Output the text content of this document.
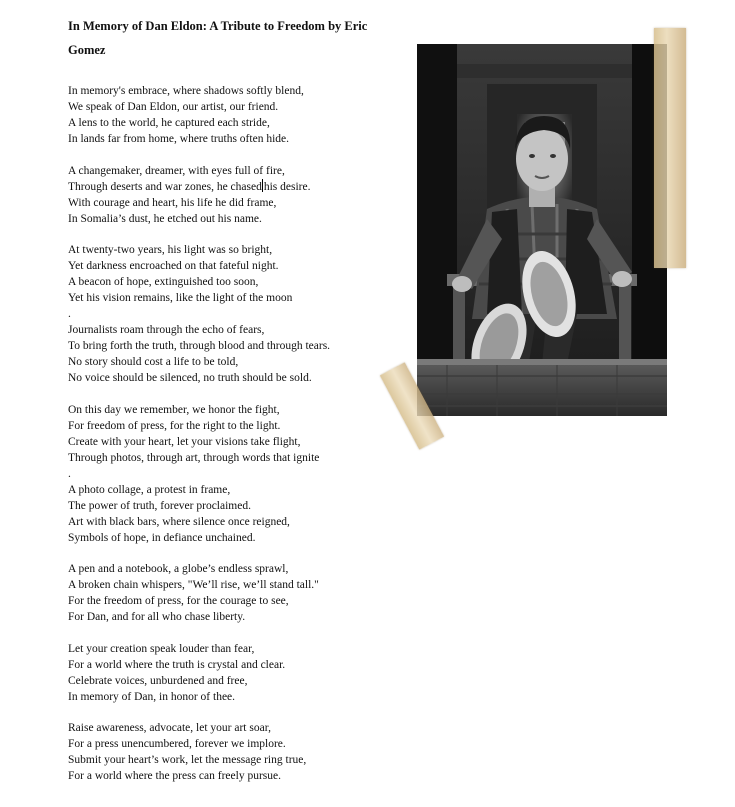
In Memory of Dan Eldon: A Tribute to Freedom by Eric Gomez

In memory's embrace, where shadows softly blend,
We speak of Dan Eldon, our artist, our friend.
A lens to the world, he captured each stride,
In lands far from home, where truths often hide.

A changemaker, dreamer, with eyes full of fire,
Through deserts and war zones, he chased his desire.
With courage and heart, his life he did frame,
In Somalia’s dust, he etched out his name.

At twenty-two years, his light was so bright,
Yet darkness encroached on that fateful night.
A beacon of hope, extinguished too soon,
Yet his vision remains, like the light of the moon

.

Journalists roam through the echo of fears,
To bring forth the truth, through blood and through tears.
No story should cost a life to be told,
No voice should be silenced, no truth should be sold.

On this day we remember, we honor the fight,
For freedom of press, for the right to the light.
Create with your heart, let your visions take flight,
Through photos, through art, through words that ignite

.

A photo collage, a protest in frame,
The power of truth, forever proclaimed.
Art with black bars, where silence once reigned,
Symbols of hope, in defiance unchained.

A pen and a notebook, a globe’s endless sprawl,
A broken chain whispers, "We’ll rise, we’ll stand tall."
For the freedom of press, for the courage to see,
For Dan, and for all who chase liberty.

Let your creation speak louder than fear,
For a world where the truth is crystal and clear.
Celebrate voices, unburdened and free,
In memory of Dan, in honor of thee.

Raise awareness, advocate, let your art soar,
For a press unencumbered, forever we implore.
Submit your heart’s work, let the message ring true,
For a world where the press can freely pursue.
